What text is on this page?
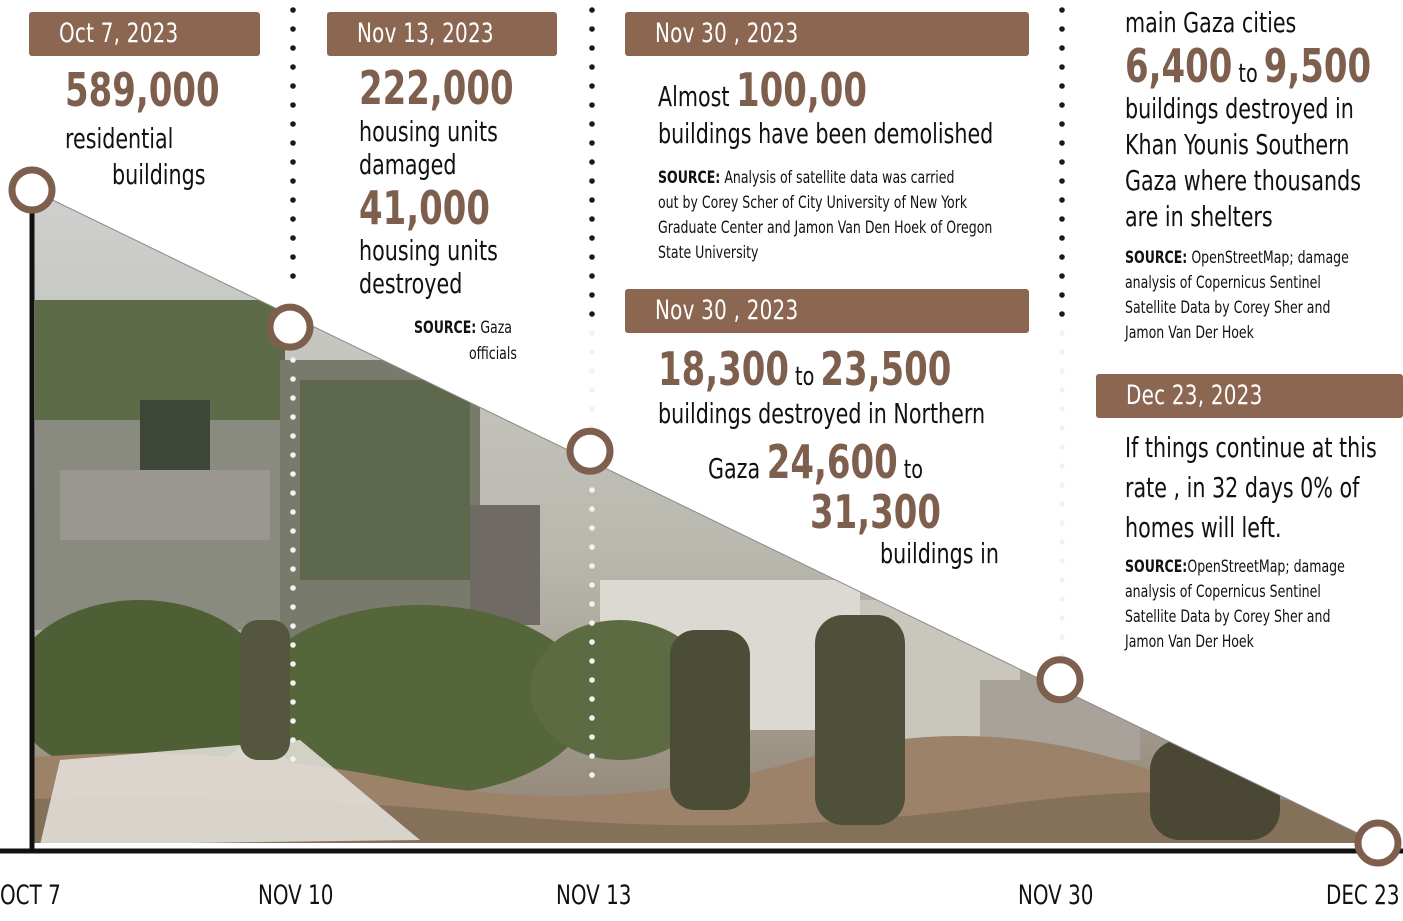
OCT 7	NOV 10	NOV 13	NOV 30	DEC 23
Oct 7, 2023
589,000
residential
buildings
Nov 13, 2023
222,000
housing units
damaged
41,000
housing units
destroyed
SOURCE: Gaza
officials
Nov 30 , 2023
Almost 100,00
buildings have been demolished
SOURCE: Analysis of satellite data was carried
out by Corey Scher of City University of New York
Graduate Center and Jamon Van Den Hoek of Oregon
State University
Nov 30 , 2023
18,300 to 23,500
buildings destroyed in Northern
Gaza 24,600 to
31,300
buildings in
main Gaza cities
6,400 to 9,500
buildings destroyed in
Khan Younis Southern
Gaza where thousands
are in shelters
SOURCE: OpenStreetMap; damage
analysis of Copernicus Sentinel
Satellite Data by Corey Sher and
Jamon Van Der Hoek
Dec 23, 2023
If things continue at this
rate , in 32 days 0% of
homes will left.
SOURCE:OpenStreetMap; damage
analysis of Copernicus Sentinel
Satellite Data by Corey Sher and
Jamon Van Der Hoek
